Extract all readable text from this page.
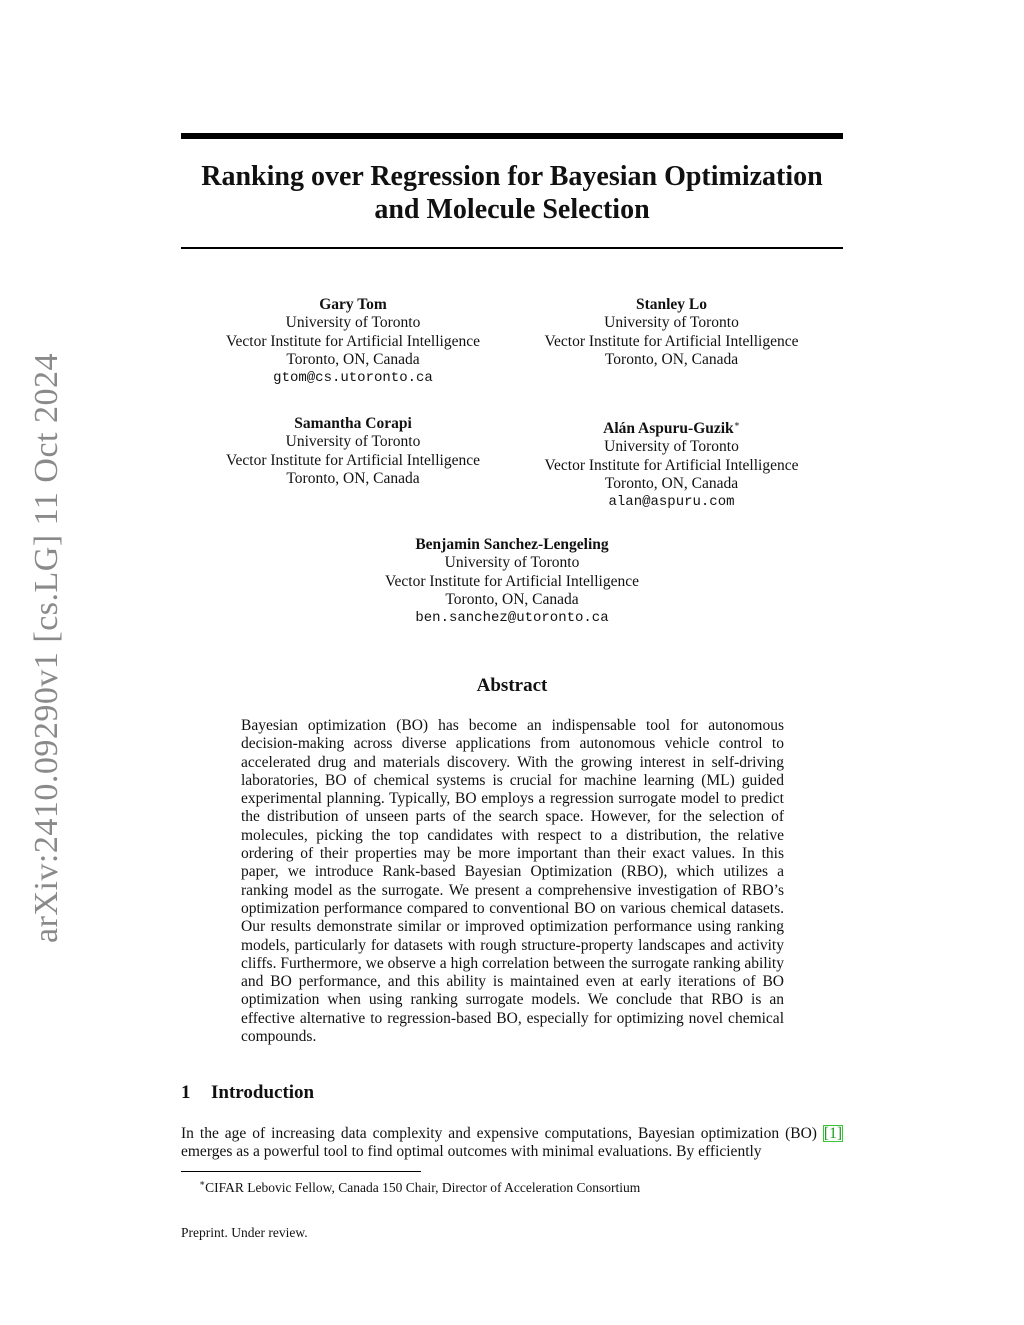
arXiv:2410.09290v1 [cs.LG] 11 Oct 2024
Ranking over Regression for Bayesian Optimization
and Molecule Selection
Gary Tom
University of Toronto
Vector Institute for Artificial Intelligence
Toronto, ON, Canada
gtom@cs.utoronto.ca
Stanley Lo
University of Toronto
Vector Institute for Artificial Intelligence
Toronto, ON, Canada
Samantha Corapi
University of Toronto
Vector Institute for Artificial Intelligence
Toronto, ON, Canada
Alán Aspuru-Guzik∗
University of Toronto
Vector Institute for Artificial Intelligence
Toronto, ON, Canada
alan@aspuru.com
Benjamin Sanchez-Lengeling
University of Toronto
Vector Institute for Artificial Intelligence
Toronto, ON, Canada
ben.sanchez@utoronto.ca
Abstract

Bayesian optimization (BO) has become an indispensable tool for autonomous decision-making across diverse applications from autonomous vehicle control to accelerated drug and materials discovery. With the growing interest in self-driving laboratories, BO of chemical systems is crucial for machine learning (ML) guided experimental planning. Typically, BO employs a regression surrogate model to predict the distribution of unseen parts of the search space. However, for the selection of molecules, picking the top candidates with respect to a distribution, the relative ordering of their properties may be more important than their exact values. In this paper, we introduce Rank-based Bayesian Optimization (RBO), which utilizes a ranking model as the surrogate. We present a comprehensive investigation of RBO’s optimization performance compared to conventional BO on various chemical datasets. Our results demonstrate similar or improved optimization performance using ranking models, particularly for datasets with rough structure-property landscapes and activity cliffs. Furthermore, we observe a high correlation between the surrogate ranking ability and BO performance, and this ability is maintained even at early iterations of BO optimization when using ranking surrogate models. We conclude that RBO is an effective alternative to regression-based BO, especially for optimizing novel chemical compounds.

1 Introduction

In the age of increasing data complexity and expensive computations, Bayesian optimization (BO) [1] emerges as a powerful tool to find optimal outcomes with minimal evaluations. By efficiently

∗CIFAR Lebovic Fellow, Canada 150 Chair, Director of Acceleration Consortium

Preprint. Under review.
